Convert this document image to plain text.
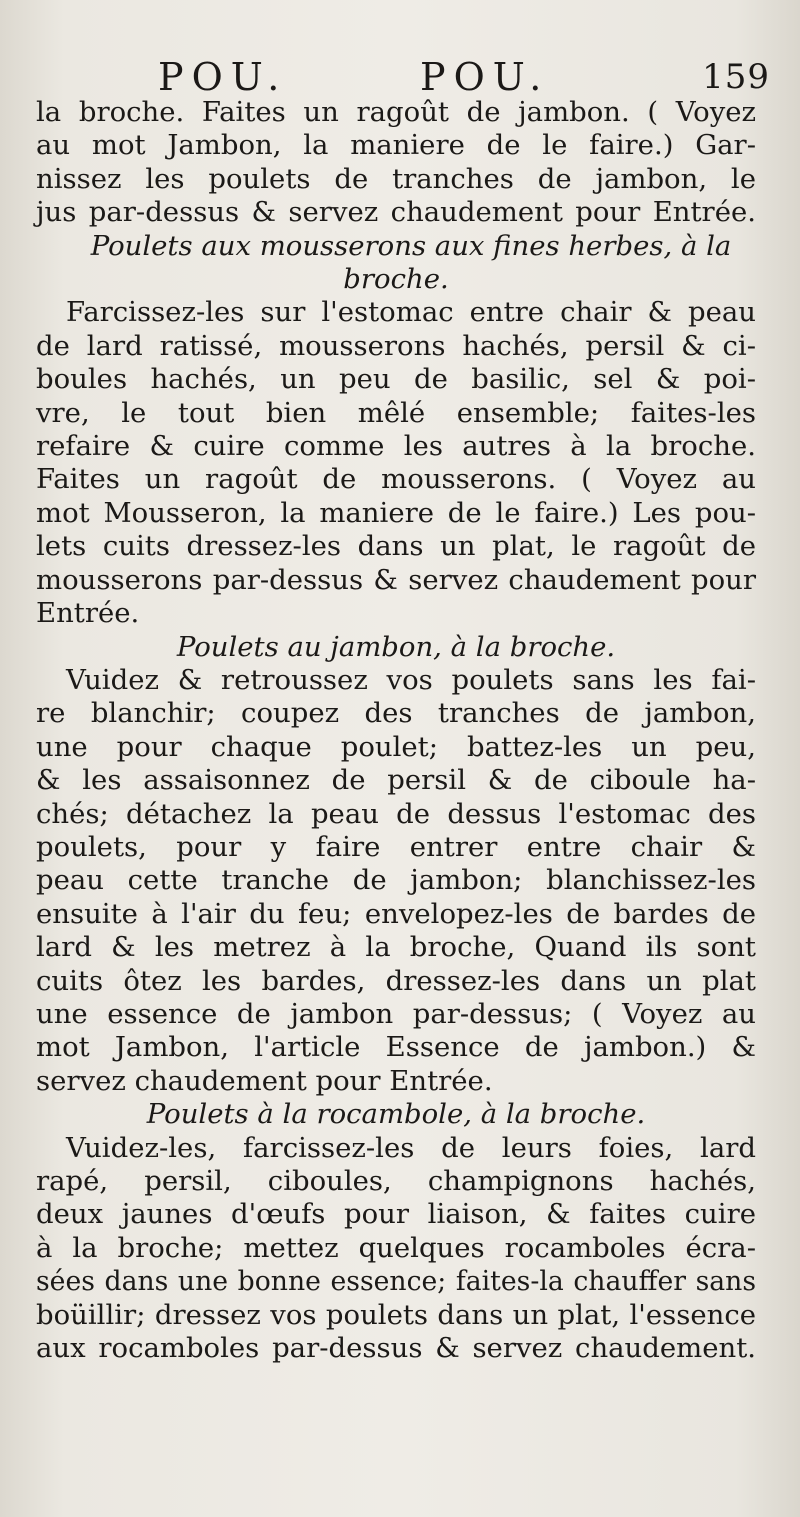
POU.	POU.	159
la broche. Faites un ragoût de jambon. ( Voyez
au mot Jambon, la maniere de le faire.) Gar-
nissez les poulets de tranches de jambon, le
jus par-dessus & servez chaudement pour Entrée.
Poulets aux mousserons aux fines herbes, à la
broche.
Farcissez-les sur l'estomac entre chair & peau
de lard ratissé, mousserons hachés, persil & ci-
boules hachés, un peu de basilic, sel & poi-
vre, le tout bien mêlé ensemble; faites-les
refaire & cuire comme les autres à la broche.
Faites un ragoût de mousserons. ( Voyez au
mot Mousseron, la maniere de le faire.) Les pou-
lets cuits dressez-les dans un plat, le ragoût de
mousserons par-dessus & servez chaudement pour
Entrée.
Poulets au jambon, à la broche.
Vuidez & retroussez vos poulets sans les fai-
re blanchir; coupez des tranches de jambon,
une pour chaque poulet; battez-les un peu,
& les assaisonnez de persil & de ciboule ha-
chés; détachez la peau de dessus l'estomac des
poulets, pour y faire entrer entre chair &
peau cette tranche de jambon; blanchissez-les
ensuite à l'air du feu; envelopez-les de bardes de
lard & les metrez à la broche, Quand ils sont
cuits ôtez les bardes, dressez-les dans un plat
une essence de jambon par-dessus; ( Voyez au
mot Jambon, l'article Essence de jambon.) &
servez chaudement pour Entrée.
Poulets à la rocambole, à la broche.
Vuidez-les, farcissez-les de leurs foies, lard
rapé, persil, ciboules, champignons hachés,
deux jaunes d'œufs pour liaison, & faites cuire
à la broche; mettez quelques rocamboles écra-
sées dans une bonne essence; faites-la chauffer sans
boüillir; dressez vos poulets dans un plat, l'essence
aux rocamboles par-dessus & servez chaudement.
